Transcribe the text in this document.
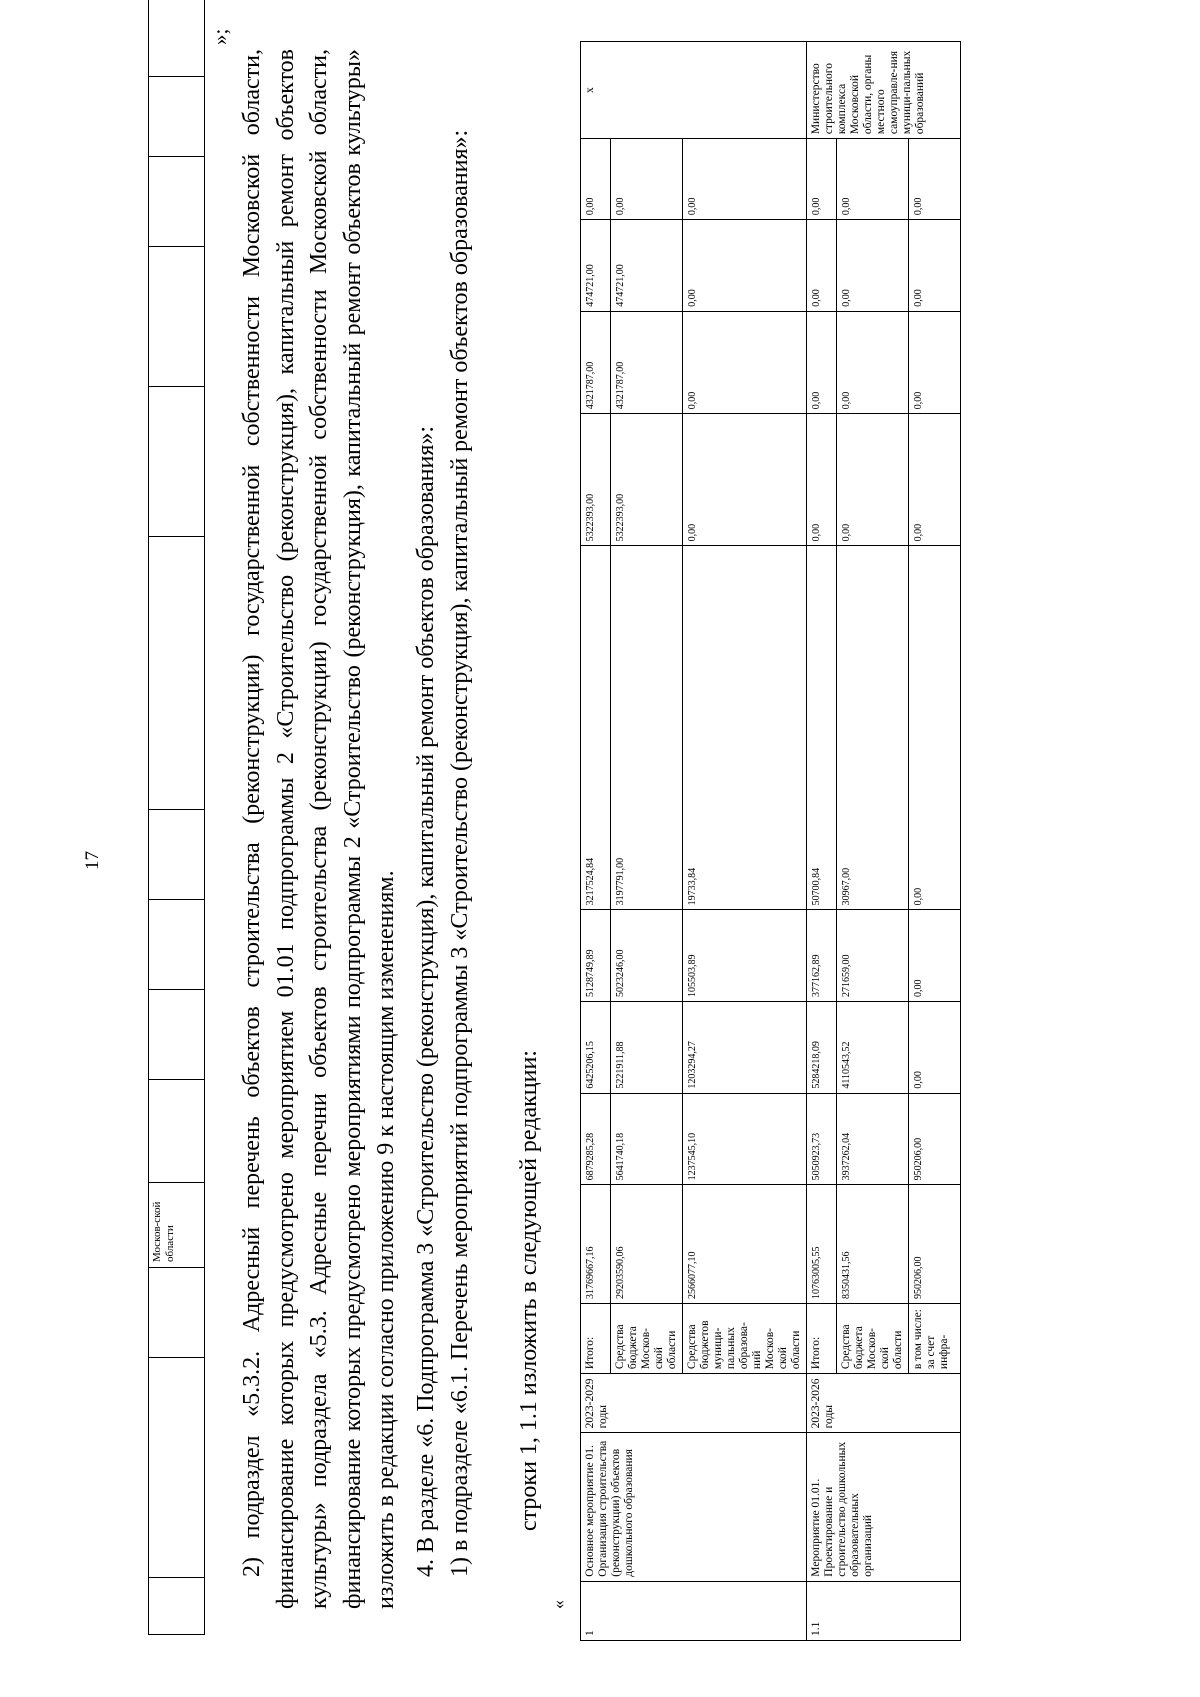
17

Москов-ской области

»;
2) подраздел «5.3.2. Адресный перечень объектов строительства (реконструкции) государственной собственности Московской области, финансирование которых предусмотрено мероприятием 01.01 подпрограммы 2 «Строительство (реконструкция), капитальный ремонт объектов культуры» подраздела «5.3. Адресные перечни объектов строительства (реконструкции) государственной собственности Московской области, финансирование которых предусмотрено мероприятиями подпрограммы 2 «Строительство (реконструкция), капитальный ремонт объектов культуры» изложить в редакции согласно приложению 9 к настоящим изменениям. 4. В разделе «6. Подпрограмма 3 «Строительство (реконструкция), капитальный ремонт объектов образования»: 1) в подразделе «6.1. Перечень мероприятий подпрограммы 3 «Строительство (реконструкция), капитальный ремонт объектов образования»: строки 1, 1.1 изложить в следующей редакции:
«
1	Основное мероприятие 01. Организация строительства (реконструкции) объектов дошкольного образования	2023-2029 годы	Итого:	31769667,16	6879285,28	6425206,15	5128749,89	3217524,84	5322393,00	4321787,00	474721,00	0,00	х
			Средства бюджета Москов-ской области	29203590,06	5641740,18	5221911,88	5023246,00	3197791,00	5322393,00	4321787,00	474721,00	0,00	
			Средства бюджетов муници-пальных образова-ний Москов-ской области	2566077,10	1237545,10	1203294,27	105503,89	19733,84	0,00	0,00	0,00	0,00	
1.1	Мероприятие 01.01. Проектирование и строительство дошкольных образовательных организаций	2023-2026 годы	Итого:	10763005,55	5050923,73	5284218,09	377162,89	50700,84	0,00	0,00	0,00	0,00	Министерство строительного комплекса Московской области, органы местного самоуправле-ния муници-пальных образований
			Средства бюджета Москов-ской области	8350431,56	3937262,04	4110543,52	271659,00	30967,00	0,00	0,00	0,00	0,00	
			в том числе: за счет инфра-	950206,00	950206,00	0,00	0,00	0,00	0,00	0,00	0,00	0,00	
